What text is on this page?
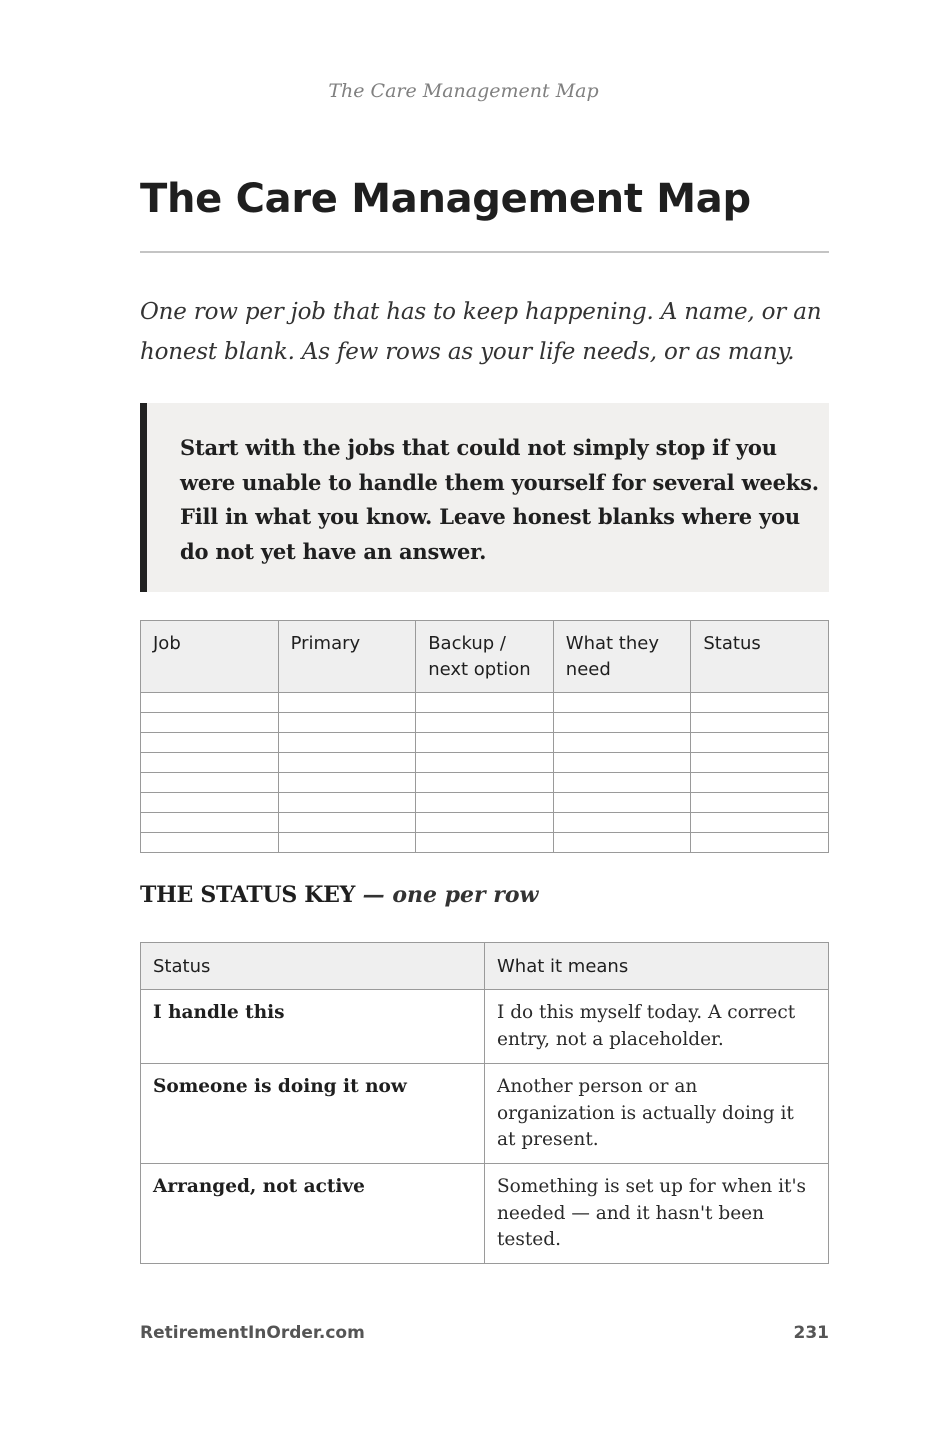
The Care Management Map
The Care Management Map

One row per job that has to keep happening. A name, or an honest blank. As few rows as your life needs, or as many.

Start with the jobs that could not simply stop if you were unable to handle them yourself for several weeks. Fill in what you know. Leave honest blanks where you do not yet have an answer.

Job	Primary	Backup / next option	What they need	Status

THE STATUS KEY — one per row
Status	What it means
I handle this	I do this myself today. A correct entry, not a placeholder.
Someone is doing it now	Another person or an organization is actually doing it at present.
Arranged, not active	Something is set up for when it's needed — and it hasn't been tested.
RetirementInOrder.com	231
